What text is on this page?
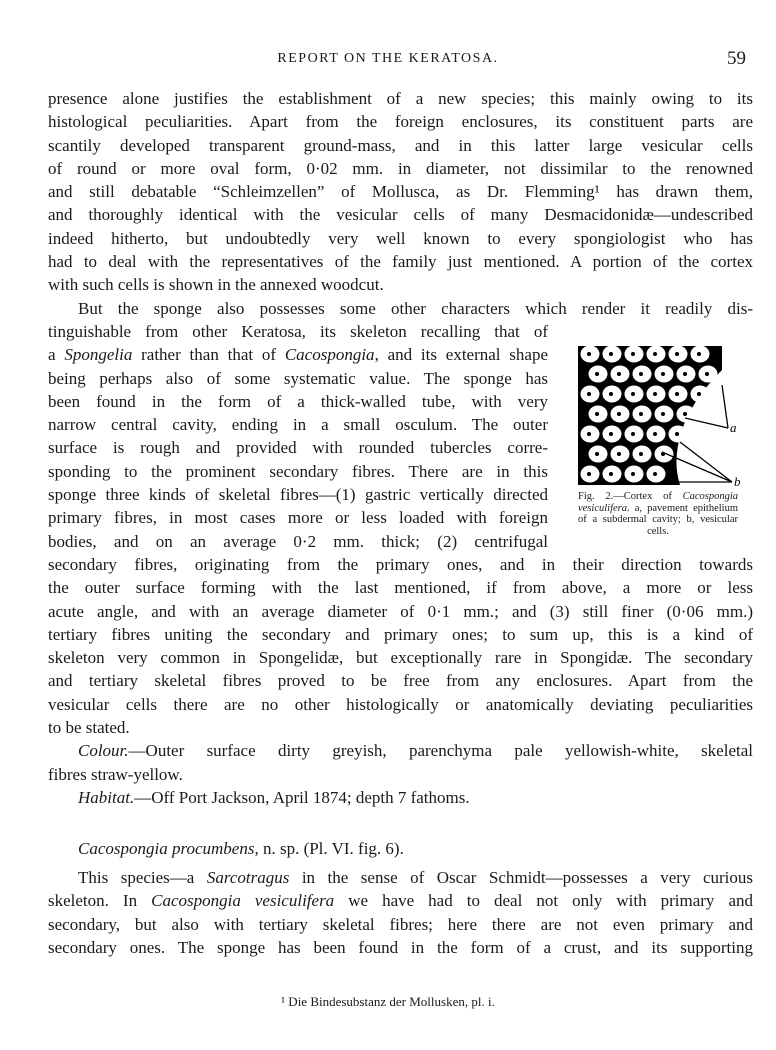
REPORT ON THE KERATOSA.	59
presence alone justifies the establishment of a new species; this mainly owing to its
histological peculiarities. Apart from the foreign enclosures, its constituent parts are
scantily developed transparent ground-mass, and in this latter large vesicular cells
of round or more oval form, 0·02 mm. in diameter, not dissimilar to the renowned
and still debatable “Schleimzellen” of Mollusca, as Dr. Flemming¹ has drawn them,
and thoroughly identical with the vesicular cells of many Desmacidonidæ—undescribed
indeed hitherto, but undoubtedly very well known to every spongiologist who has
had to deal with the representatives of the family just mentioned. A portion of the cortex
with such cells is shown in the annexed woodcut.
But the sponge also possesses some other characters which render it readily dis-
tinguishable from other Keratosa, its skeleton recalling that of
a Spongelia rather than that of Cacospongia, and its external shape
being perhaps also of some systematic value. The sponge has
been found in the form of a thick-walled tube, with very
narrow central cavity, ending in a small osculum. The outer
surface is rough and provided with rounded tubercles corre-
sponding to the prominent secondary fibres. There are in this
sponge three kinds of skeletal fibres—(1) gastric vertically directed
primary fibres, in most cases more or less loaded with foreign
bodies, and on an average 0·2 mm. thick; (2) centrifugal
secondary fibres, originating from the primary ones, and in their direction towards
the outer surface forming with the last mentioned, if from above, a more or less
acute angle, and with an average diameter of 0·1 mm.; and (3) still finer (0·06 mm.)
tertiary fibres uniting the secondary and primary ones; to sum up, this is a kind of
skeleton very common in Spongelidæ, but exceptionally rare in Spongidæ. The secondary
and tertiary skeletal fibres proved to be free from any enclosures. Apart from the
vesicular cells there are no other histologically or anatomically deviating peculiarities
to be stated.
Colour.—Outer surface dirty greyish, parenchyma pale yellowish-white, skeletal
fibres straw-yellow.
Habitat.—Off Port Jackson, April 1874; depth 7 fathoms.
Cacospongia procumbens, n. sp. (Pl. VI. fig. 6).
This species—a Sarcotragus in the sense of Oscar Schmidt—possesses a very curious
skeleton. In Cacospongia vesiculifera we have had to deal not only with primary and
secondary, but also with tertiary skeletal fibres; here there are not even primary and
secondary ones. The sponge has been found in the form of a crust, and its supporting
a
b
Fig. 2.—Cortex of Cacospongia vesiculifera. a, pavement epithelium of a subdermal cavity; b, vesicular cells.
¹ Die Bindesubstanz der Mollusken, pl. i.
